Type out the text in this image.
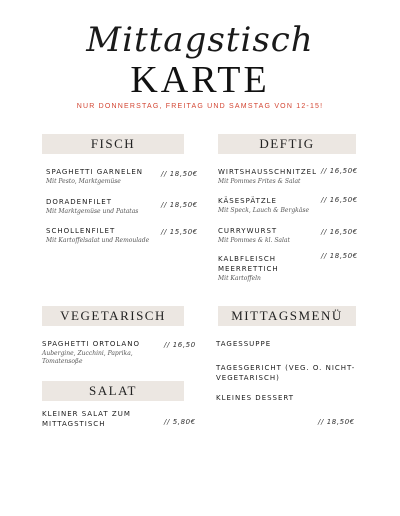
Mittagstisch
KARTE
NUR DONNERSTAG, FREITAG UND SAMSTAG VON 12-15!
FISCH
SPAGHETTI GARNELEN
Mit Pesto, Marktgemüse
// 18,50€
DORADENFILET
Mit Marktgemüse und Patatas
// 18,50€
SCHOLLENFILET
Mit Kartoffelsalat und Remoulade
// 15,50€
DEFTIG
WIRTSHAUSSCHNITZEL
Mit Pommes Frites & Salat
// 16,50€
KÄSESPÄTZLE
Mit Speck, Lauch & Bergkäse
// 16,50€
CURRYWURST
Mit Pommes & kl. Salat
// 16,50€
KALBFLEISCH MEERRETTICH
Mit Kartoffeln
// 18,50€
VEGETARISCH
SPAGHETTI ORTOLANO
Aubergine, Zucchini, Paprika, Tomatensoße
// 16,50
SALAT
KLEINER SALAT ZUM MITTAGSTISCH	// 5,80€
MITTAGSMENÜ
TAGESSUPPE
TAGESGERICHT (VEG. O. NICHT-VEGETARISCH)
KLEINES DESSERT
// 18,50€
